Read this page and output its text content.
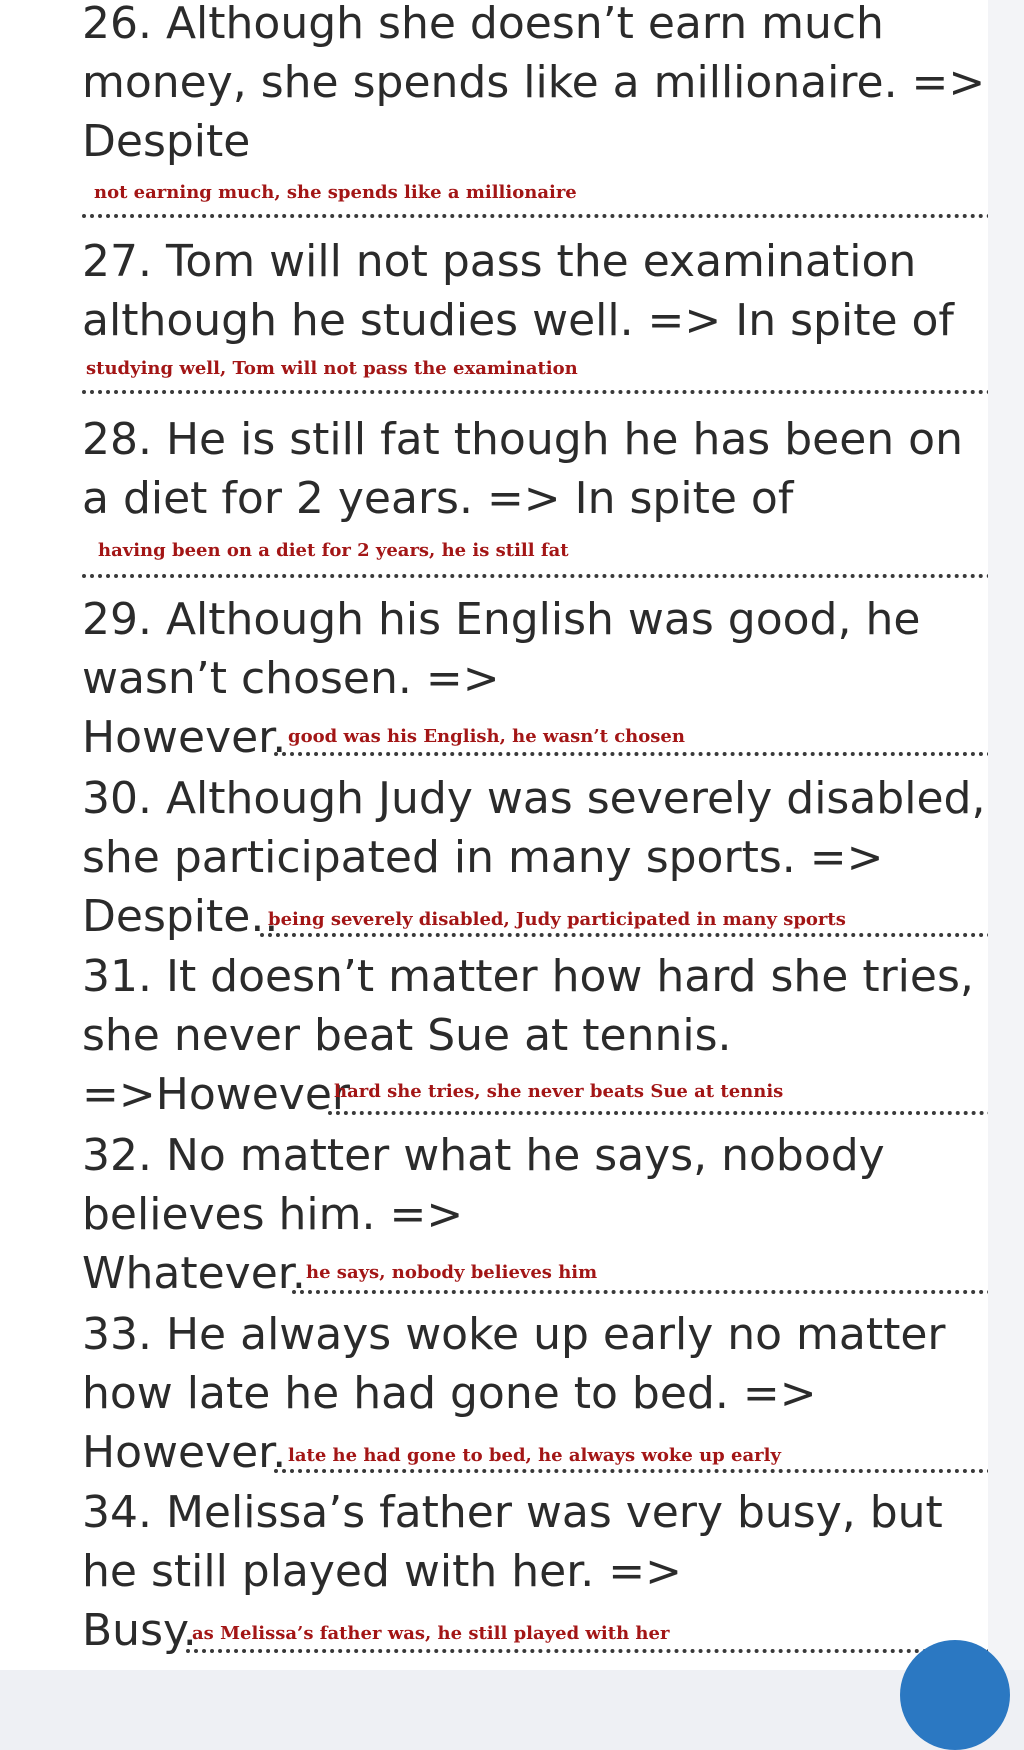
26. Although she doesn’t earn much
money, she spends like a millionaire. =>
Despite
not earning much, she spends like a millionaire
27. Tom will not pass the examination
although he studies well. => In spite of
studying well, Tom will not pass the examination
28. He is still fat though he has been on
a diet for 2 years. => In spite of
having been on a diet for 2 years, he is still fat
29. Although his English was good, he
wasn’t chosen. =>
However. good was his English, he wasn’t chosen
30. Although Judy was severely disabled,
she participated in many sports. =>
Despite..
being severely disabled, Judy participated in many sports
31. It doesn’t matter how hard she tries,
she never beat Sue at tennis.
=>However
hard she tries, she never beats Sue at tennis
32. No matter what he says, nobody
believes him. =>
Whatever. he says, nobody believes him
33. He always woke up early no matter
how late he had gone to bed. =>
However. late he had gone to bed, he always woke up early
34. Melissa’s father was very busy, but
he still played with her. =>
Busy.
as Melissa’s father was, he still played with her
